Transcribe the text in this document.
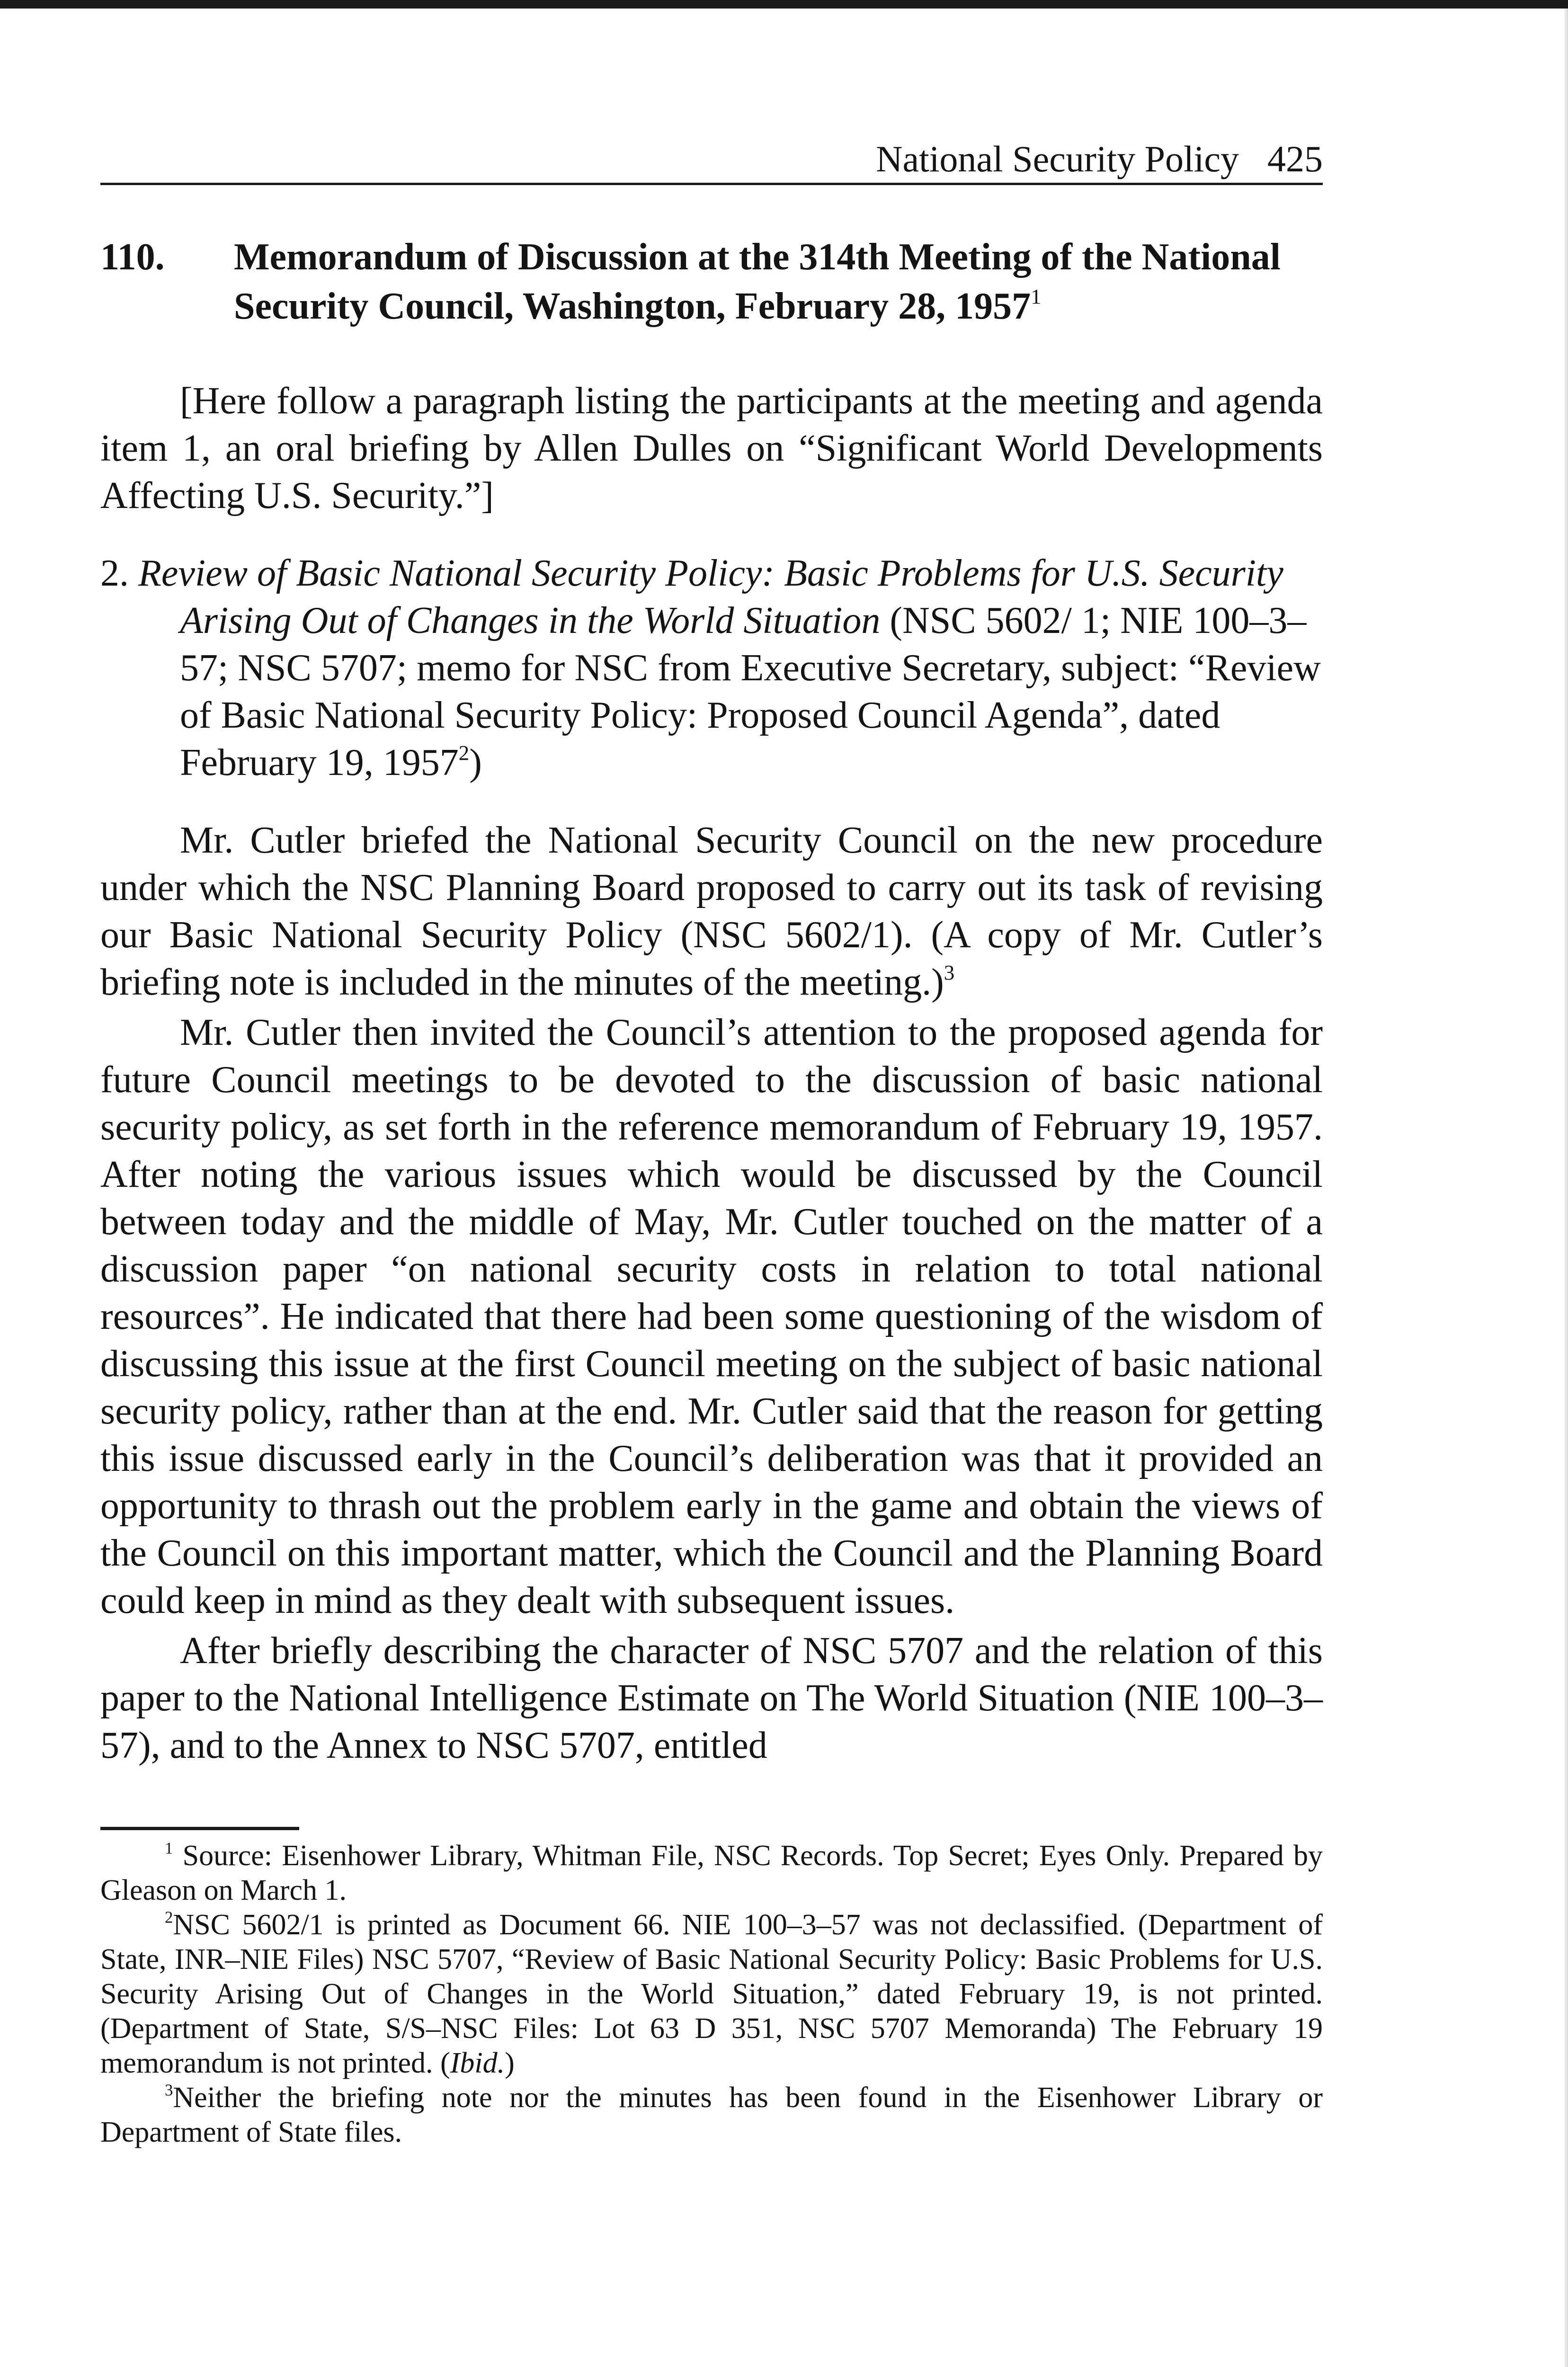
National Security Policy 425
110.	Memorandum of Discussion at the 314th Meeting of the National Security Council, Washington, February 28, 1957$^1$

[Here follow a paragraph listing the participants at the meeting and agenda item 1, an oral briefing by Allen Dulles on “Significant World Developments Affecting U.S. Security.”]

2. Review of Basic National Security Policy: Basic Problems for U.S. Security Arising Out of Changes in the World Situation (NSC 5602/ 1; NIE 100–3–57; NSC 5707; memo for NSC from Executive Secretary, subject: “Review of Basic National Security Policy: Proposed Council Agenda”, dated February 19, 1957$^2$)

Mr. Cutler briefed the National Security Council on the new procedure under which the NSC Planning Board proposed to carry out its task of revising our Basic National Security Policy (NSC 5602/1). (A copy of Mr. Cutler’s briefing note is included in the minutes of the meeting.)$^3$

Mr. Cutler then invited the Council’s attention to the proposed agenda for future Council meetings to be devoted to the discussion of basic national security policy, as set forth in the reference memorandum of February 19, 1957. After noting the various issues which would be discussed by the Council between today and the middle of May, Mr. Cutler touched on the matter of a discussion paper “on national security costs in relation to total national resources”. He indicated that there had been some questioning of the wisdom of discussing this issue at the first Council meeting on the subject of basic national security policy, rather than at the end. Mr. Cutler said that the reason for getting this issue discussed early in the Council’s deliberation was that it provided an opportunity to thrash out the problem early in the game and obtain the views of the Council on this important matter, which the Council and the Planning Board could keep in mind as they dealt with subsequent issues.

After briefly describing the character of NSC 5707 and the relation of this paper to the National Intelligence Estimate on The World Situation (NIE 100–3–57), and to the Annex to NSC 5707, entitled

$^1$ Source: Eisenhower Library, Whitman File, NSC Records. Top Secret; Eyes Only. Prepared by Gleason on March 1.

$^2$NSC 5602/1 is printed as Document 66. NIE 100–3–57 was not declassified. (Department of State, INR–NIE Files) NSC 5707, “Review of Basic National Security Policy: Basic Problems for U.S. Security Arising Out of Changes in the World Situation,” dated February 19, is not printed. (Department of State, S/S–NSC Files: Lot 63 D 351, NSC 5707 Memoranda) The February 19 memorandum is not printed. (Ibid.)

$^3$Neither the briefing note nor the minutes has been found in the Eisenhower Library or Department of State files.
